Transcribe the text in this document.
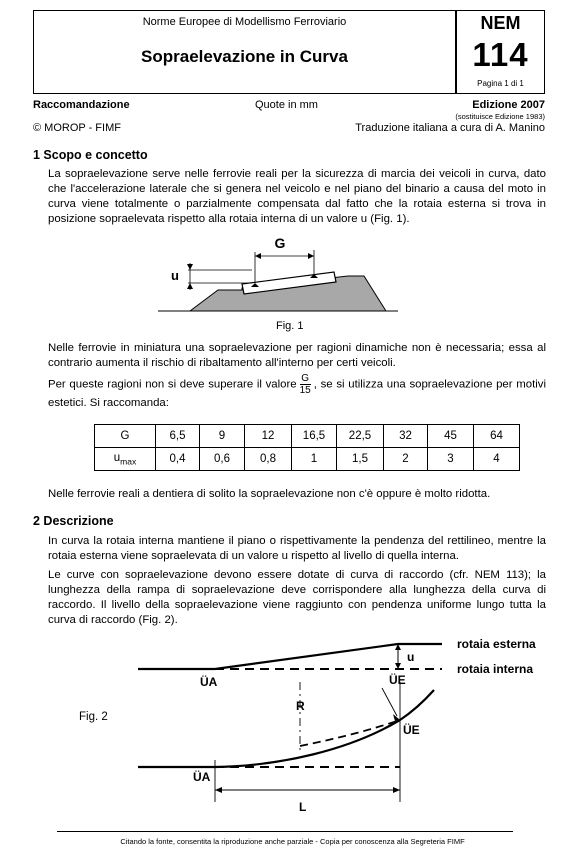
Norme Europee di Modellismo Ferroviario
Sopraelevazione in Curva
NEM
114
Pagina 1 di 1
Raccomandazione	Quote in mm	Edizione 2007
(sostituisce Edizione 1983)
© MOROP - FIMF	Traduzione italiana a cura di A. Manino
1 Scopo e concetto
La sopraelevazione serve nelle ferrovie reali per la sicurezza di marcia dei veicoli in curva, dato che l'accelerazione laterale che si genera nel veicolo e nel piano del binario a causa del moto in curva viene totalmente o parzialmente compensata dal fatto che la rotaia esterna si trova in posizione sopraelevata rispetto alla rotaia interna di un valore u (Fig. 1).
G
u
Fig. 1
Nelle ferrovie in miniatura una sopraelevazione per ragioni dinamiche non è necessaria; essa al contrario aumenta il rischio di ribaltamento all'interno per certi veicoli.
Per queste ragioni non si deve superare il valore $\frac{G}{15}$ , se si utilizza una sopraelevazione per motivi estetici. Si raccomanda:
G	6,5	9	12	16,5	22,5	32	45	64
$u_{max}$	0,4	0,6	0,8	1	1,5	2	3	4
Nelle ferrovie reali a dentiera di solito la sopraelevazione non c'è oppure è molto ridotta.
2 Descrizione
In curva la rotaia interna mantiene il piano o rispettivamente la pendenza del rettilineo, mentre la rotaia esterna viene sopraelevata di un valore u rispetto al livello di quella interna.
Le curve con sopraelevazione devono essere dotate di curva di raccordo (cfr. NEM 113); la lunghezza della rampa di sopraelevazione deve corrispondere alla lunghezza della curva di raccordo. Il livello della sopraelevazione viene raggiunto con pendenza uniforme lungo tutta la curva di raccordo (Fig. 2).
u
rotaia esterna
rotaia interna
ÜA	ÜE
R
ÜE
ÜA
L
Fig. 2
Citando la fonte, consentita la riproduzione anche parziale - Copia per conoscenza alla Segreteria FIMF
